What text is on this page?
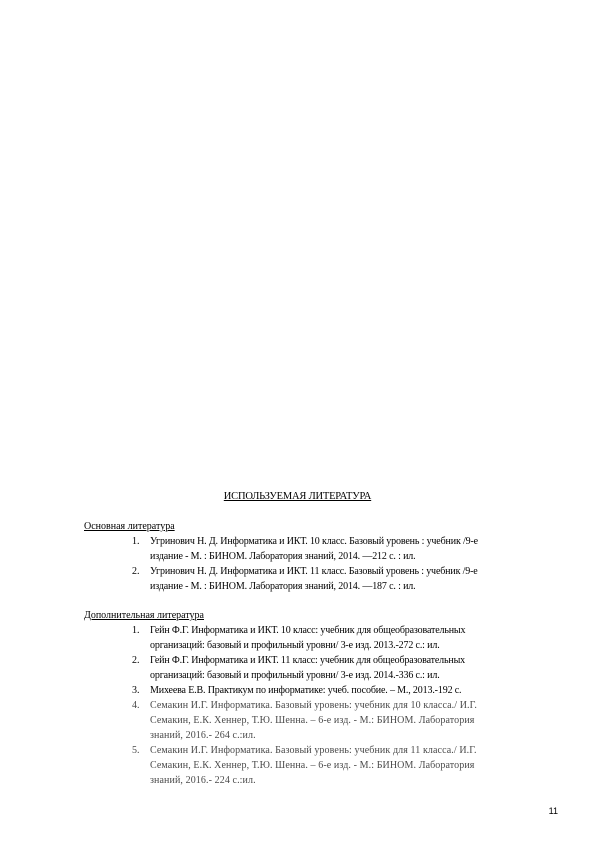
ИСПОЛЬЗУЕМАЯ ЛИТЕРАТУРА
Основная литература
1. Угринович Н. Д. Информатика и ИКТ. 10 класс. Базовый уровень : учебник /9-е
издание - М. : БИНОМ. Лаборатория знаний, 2014. —212 с. : ил.
2. Угринович Н. Д. Информатика и ИКТ. 11 класс. Базовый уровень : учебник /9-е
издание - М. : БИНОМ. Лаборатория знаний, 2014. —187 с. : ил.
Дополнительная литература
1. Гейн Ф.Г. Информатика и ИКТ. 10 класс: учебник для общеобразовательных
организаций: базовый и профильный уровни/ 3-е изд. 2013.-272 с.: ил.
2. Гейн Ф.Г. Информатика и ИКТ. 11 класс: учебник для общеобразовательных
организаций: базовый и профильный уровни/ 3-е изд. 2014.-336 с.: ил.
3. Михеева Е.В. Практикум по информатике: учеб. пособие. – М., 2013.-192 с.
4. Семакин И.Г. Информатика. Базовый уровень: учебник для 10 класса./ И.Г.
Семакин, Е.К. Хеннер, Т.Ю. Шенна. – 6-е изд. - М.: БИНОМ. Лаборатория
знаний, 2016.- 264 с.:ил.
5. Семакин И.Г. Информатика. Базовый уровень: учебник для 11 класса./ И.Г.
Семакин, Е.К. Хеннер, Т.Ю. Шенна. – 6-е изд. - М.: БИНОМ. Лаборатория
знаний, 2016.- 224 с.:ил.
11
